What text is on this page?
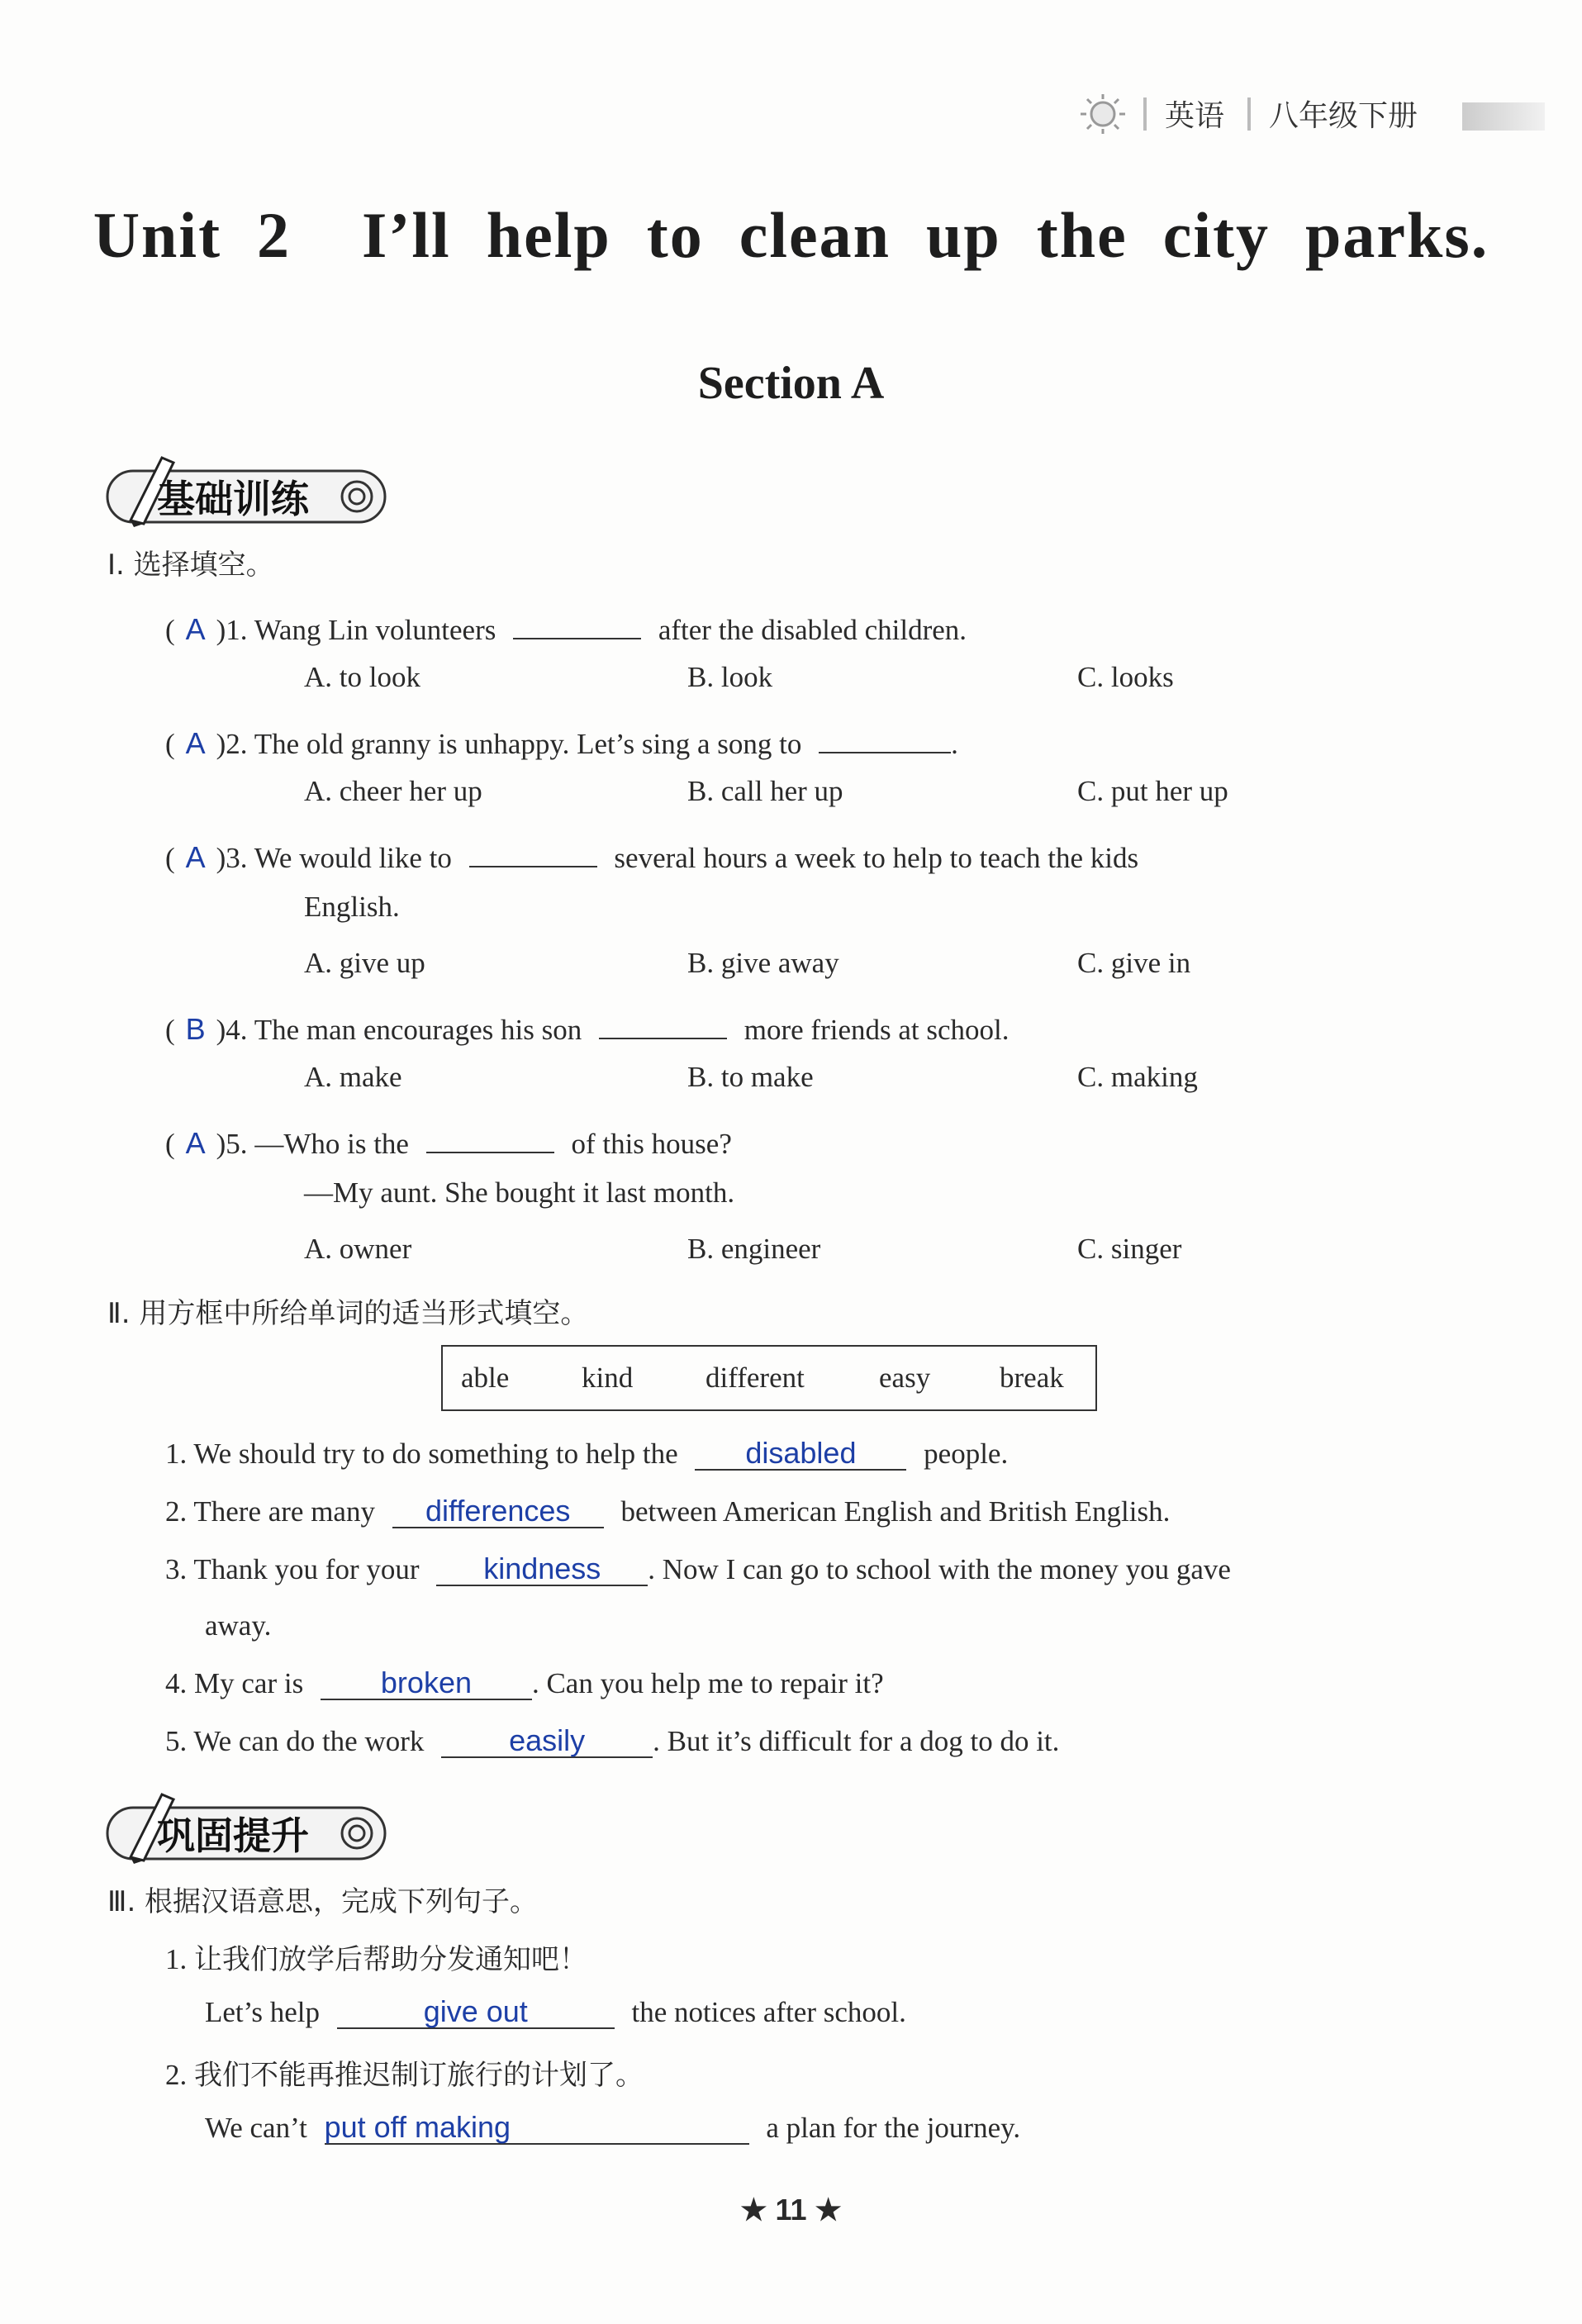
英语 八年级下册
Unit  2    I’ll  help  to  clean  up  the  city  parks.
Section A
基础训练
Ⅰ. 选择填空。
( A )1. Wang Lin volunteers	after the disabled children.
A. to look	B. look	C. looks
( A )2. The old granny is unhappy. Let’s sing a song to	.
A. cheer her up	B. call her up	C. put her up
( A )3. We would like to	several hours a week to help to teach the kids
English.
A. give up	B. give away	C. give in
( B )4. The man encourages his son	more friends at school.
A. make	B. to make	C. making
( A )5. —Who is the	of this house?
—My aunt. She bought it last month.
A. owner	B. engineer	C. singer
Ⅱ. 用方框中所给单词的适当形式填空。
able	kind	different	easy break
1. We should try to do something to help the disabled people.
2. There are many differences between American English and British English.
3. Thank you for your kindness . Now I can go to school with the money you gave
away.
4. My car is	broken . Can you help me to repair it?
5. We can do the work	easily . But it’s difficult for a dog to do it.
巩固提升
Ⅲ. 根据汉语意思，完成下列句子。
1. 让我们放学后帮助分发通知吧！
Let’s help	give out	the notices after school.
2. 我们不能再推迟制订旅行的计划了。
We can’t put off making	a plan for the journey.
★ 11 ★
